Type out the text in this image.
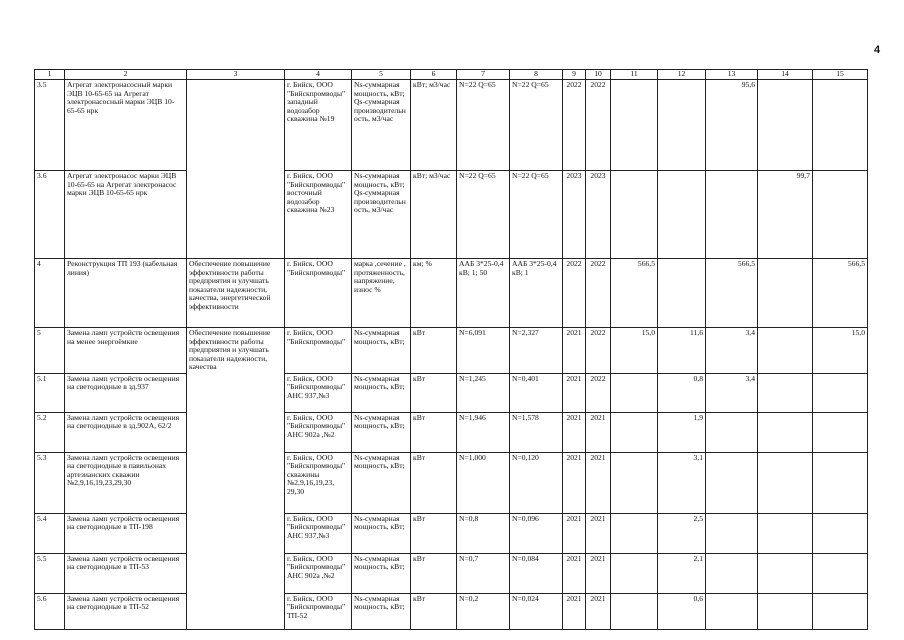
4
1	2	3	4	5	6	7	8	9	10	11	12	13	14	15
3.5	Агрегат электронасосный марки ЭЦВ 10-65-65 на Агрегат электронасосный марки ЭЦВ 10-65-65 нрк		г. Бийск, ООО "Бийскпромводы" западный водозабор скважина №19	Ns-суммарная мощность, кВт; Qs-суммарная производительность, м3/час	кВт; м3/час	N=22 Q=65	N=22 Q=65	2022	2022			95,6		
3.6	Агрегат электронасос марки ЭЦВ 10-65-65 на Агрегат электронасос марки ЭЦВ 10-65-65 нрк		г. Бийск, ООО "Бийскпромводы" восточный водозабор скважина №23	Ns-суммарная мощность, кВт; Qs-суммарная производительность, м3/час	кВт; м3/час	N=22 Q=65	N=22 Q=65	2023	2023				99,7	
4	Реконструкция ТП 193 (кабельная линия)	Обеспечение повышение эффективности работы предприятия и улучшать показатели надежности, качества, энергетической эффективности	г. Бийск, ООО "Бийскпромводы"	марка ,сечение , протяженность, напряжение, износ %	км; %	ААБ 3*25-0,4 кВ; 1; 50	ААБ 3*25-0,4 кВ; 1	2022	2022	566,5		566,5		566,5
5	Замена ламп устройств освещения на менее энергоёмкие	Обеспечение повышение эффективности работы предприятия и улучшать показатели надежности, качества	г. Бийск, ООО "Бийскпромводы"	Ns-суммарная мощность, кВт;	кВт	N=6,091	N=2,327	2021	2022	15,0	11,6	3,4		15,0
5.1	Замена ламп устройств освещения на светодиодные в зд.937		г. Бийск, ООО "Бийскпромводы" АНС 937,№3	Ns-суммарная мощность, кВт;	кВт	N=1,245	N=0,401	2021	2022		0,8	3,4		
5.2	Замена ламп устройств освещения на светодиодные в зд.902А, 62/2		г. Бийск, ООО "Бийскпромводы" АНС 902а ,№2	Ns-суммарная мощность, кВт;	кВт	N=1,946	N=1,578	2021	2021		1,9			
5.3	Замена ламп устройств освещения на светодиодные в павильонах артезианских скважин №2,9,16,19,23,29,30		г. Бийск, ООО "Бийскпромводы" скважины №2,9,16,19,23, 29,30	Ns-суммарная мощность, кВт;	кВт	N=1,000	N=0,120	2021	2021		3,1			
5.4	Замена ламп устройств освещения на светодиодные в ТП-198		г. Бийск, ООО "Бийскпромводы" АНС 937,№3	Ns-суммарная мощность, кВт;	кВт	N=0,8	N=0,096	2021	2021		2,5			
5.5	Замена ламп устройств освещения на светодиодные в ТП-53		г. Бийск, ООО "Бийскпромводы" АНС 902а ,№2	Ns-суммарная мощность, кВт;	кВт	N=0,7	N=0,084	2021	2021		2,1			
5.6	Замена ламп устройств освещения на светодиодные в ТП-52		г. Бийск, ООО "Бийскпромводы" ТП-52	Ns-суммарная мощность, кВт;	кВт	N=0,2	N=0,024	2021	2021		0,6			
